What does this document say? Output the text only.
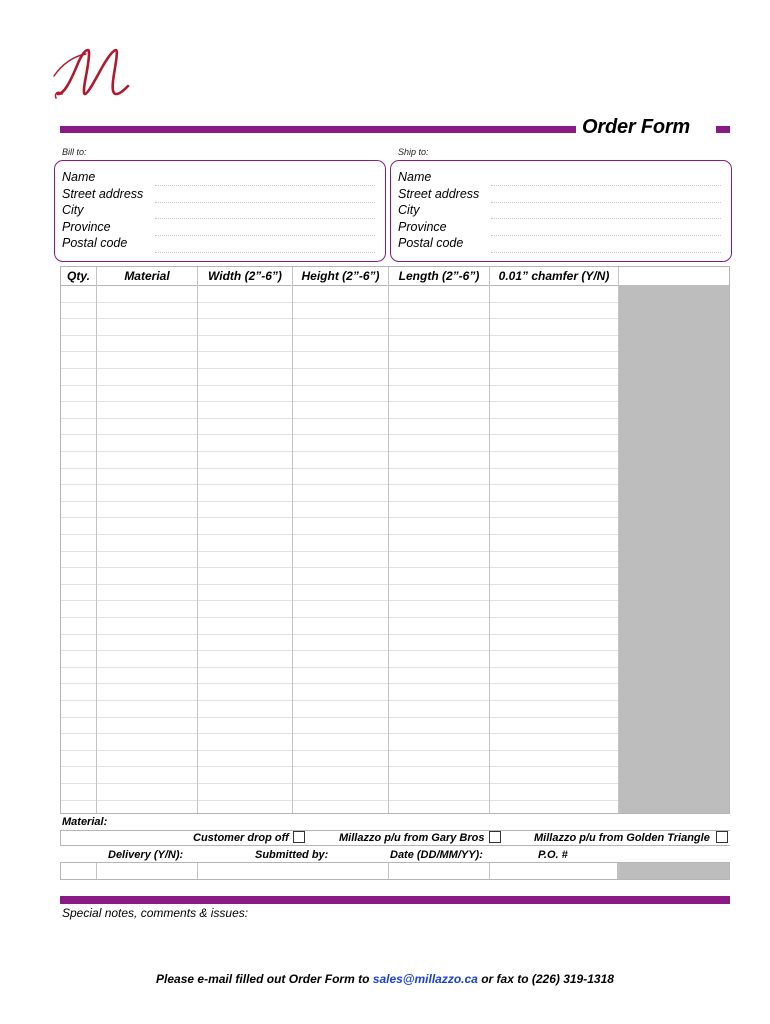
Order Form
Bill to:	Ship to:
Name
Street address
City
Province
Postal code
Name
Street address
City
Province
Postal code
Qty.	Material	Width (2”-6”)	Height (2”-6”)	Length (2”-6”)	0.01” chamfer (Y/N)
Material:
Customer drop off	Millazzo p/u from Gary Bros	Millazzo p/u from Golden Triangle
Delivery (Y/N):	Submitted by:	Date (DD/MM/YY):	P.O. #
Special notes, comments & issues:
Please e-mail filled out Order Form to sales@millazzo.ca or fax to (226) 319-1318
